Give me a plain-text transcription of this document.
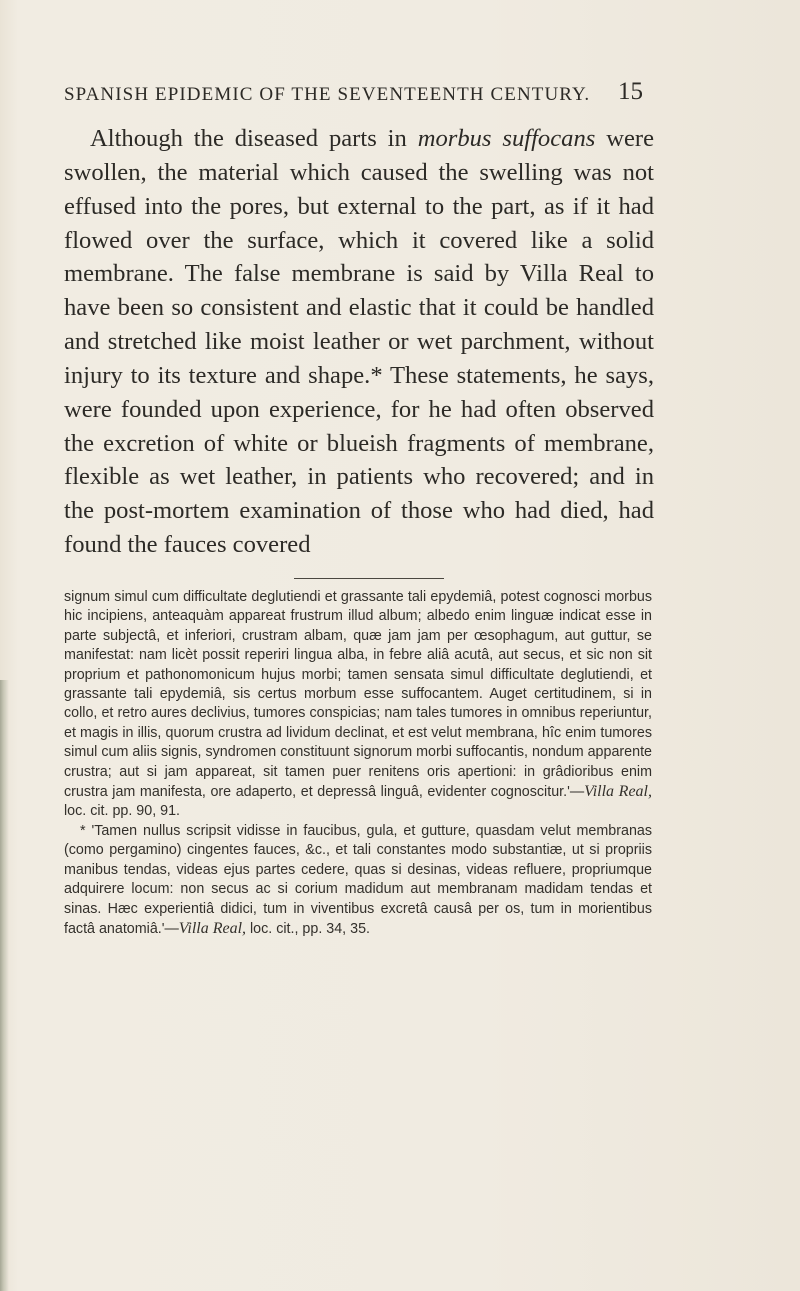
SPANISH EPIDEMIC OF THE SEVENTEENTH CENTURY. 15

Although the diseased parts in morbus suffocans were swollen, the material which caused the swelling was not effused into the pores, but external to the part, as if it had flowed over the surface, which it covered like a solid membrane. The false membrane is said by Villa Real to have been so consistent and elastic that it could be handled and stretched like moist leather or wet parchment, without injury to its texture and shape.* These statements, he says, were founded upon experience, for he had often observed the excretion of white or blueish fragments of membrane, flexible as wet leather, in patients who recovered; and in the post-mortem examination of those who had died, had found the fauces covered

signum simul cum difficultate deglutiendi et grassante tali epydemiâ, potest cognosci morbus hic incipiens, anteaquàm appareat frustrum illud album; albedo enim linguæ indicat esse in parte subjectâ, et inferiori, crustram albam, quæ jam jam per œsophagum, aut guttur, se manifestat: nam licèt possit reperiri lingua alba, in febre aliâ acutâ, aut secus, et sic non sit proprium et pathonomonicum hujus morbi; tamen sensata simul difficultate deglutiendi, et grassante tali epydemiâ, sis certus morbum esse suffocantem. Auget certitudinem, si in collo, et retro aures declivius, tumores conspicias; nam tales tumores in omnibus reperiuntur, et magis in illis, quorum crustra ad lividum declinat, et est velut membrana, hîc enim tumores simul cum aliis signis, syndromen constituunt signorum morbi suffocantis, nondum apparente crustra; aut si jam appareat, sit tamen puer renitens oris apertioni: in grâdioribus enim crustra jam manifesta, ore adaperto, et depressâ linguâ, evidenter cognoscitur.'—Villa Real, loc. cit. pp. 90, 91.

* 'Tamen nullus scripsit vidisse in faucibus, gula, et gutture, quasdam velut membranas (como pergamino) cingentes fauces, &c., et tali constantes modo substantiæ, ut si propriis manibus tendas, videas ejus partes cedere, quas si desinas, videas refluere, propriumque adquirere locum: non secus ac si corium madidum aut membranam madidam tendas et sinas. Hæc experientiâ didici, tum in viventibus excretâ causâ per os, tum in morientibus factâ anatomiâ.'—Villa Real, loc. cit., pp. 34, 35.
